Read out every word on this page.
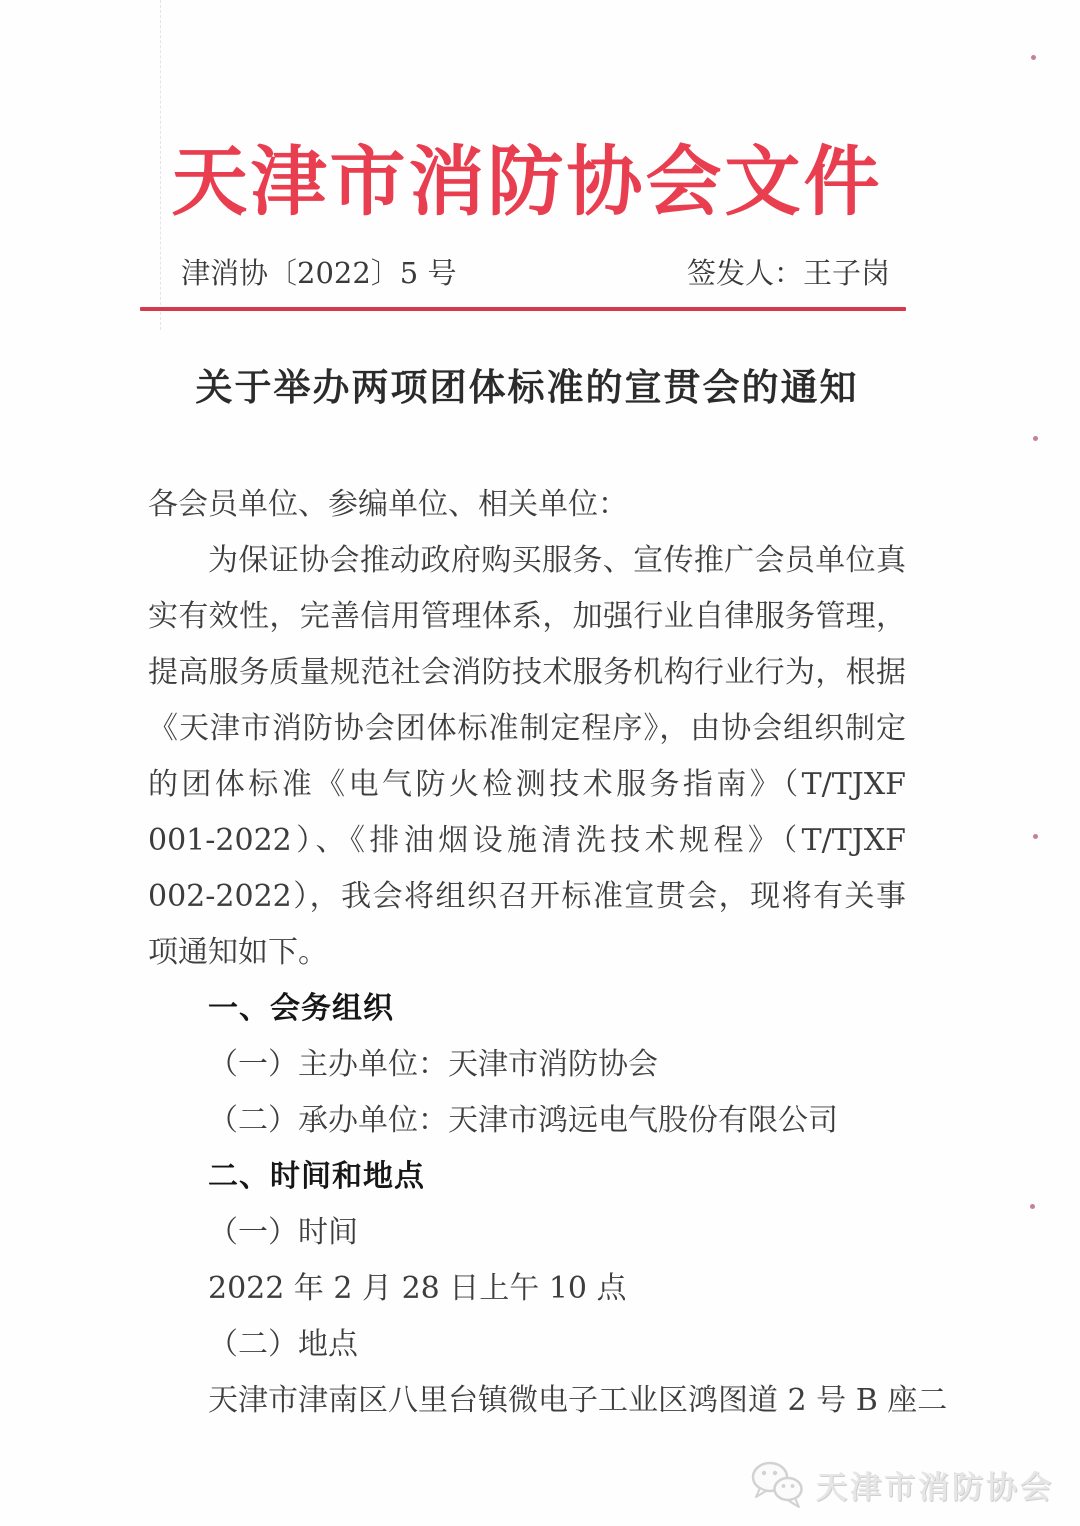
天津市消防协会文件
津消协〔2022〕5 号	签发人：王子岗
关于举办两项团体标准的宣贯会的通知
各会员单位、参编单位、相关单位：
为保证协会推动政府购买服务、宣传推广会员单位真实有效性，完善信用管理体系，加强行业自律服务管理，提高服务质量规范社会消防技术服务机构行业行为，根据《天津市消防协会团体标准制定程序》，由协会组织制定的团体标准《电气防火检测技术服务指南》（T/TJXF 001-2022）、《排油烟设施清洗技术规程》（T/TJXF 002-2022），我会将组织召开标准宣贯会，现将有关事项通知如下。
一、会务组织
（一）主办单位：天津市消防协会
（二）承办单位：天津市鸿远电气股份有限公司
二、时间和地点
（一）时间
2022 年 2 月 28 日上午 10 点
（二）地点
天津市津南区八里台镇微电子工业区鸿图道 2 号 B 座二
天津市消防协会
